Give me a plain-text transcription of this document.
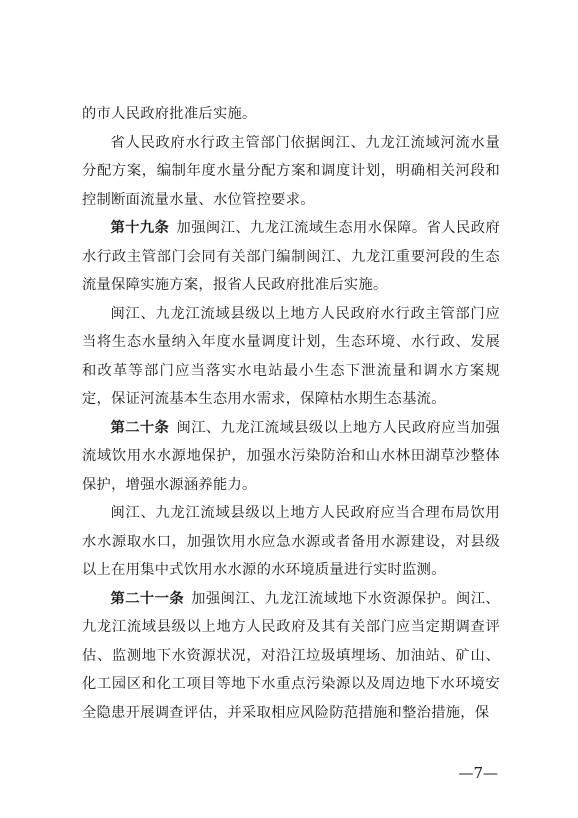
的市人民政府批准后实施。

省人民政府水行政主管部门依据闽江、九龙江流域河流水量分配方案，编制年度水量分配方案和调度计划，明确相关河段和控制断面流量水量、水位管控要求。

第十九条 加强闽江、九龙江流域生态用水保障。省人民政府水行政主管部门会同有关部门编制闽江、九龙江重要河段的生态流量保障实施方案，报省人民政府批准后实施。

闽江、九龙江流域县级以上地方人民政府水行政主管部门应当将生态水量纳入年度水量调度计划，生态环境、水行政、发展和改革等部门应当落实水电站最小生态下泄流量和调水方案规定，保证河流基本生态用水需求，保障枯水期生态基流。

第二十条 闽江、九龙江流域县级以上地方人民政府应当加强流域饮用水水源地保护，加强水污染防治和山水林田湖草沙整体保护，增强水源涵养能力。

闽江、九龙江流域县级以上地方人民政府应当合理布局饮用水水源取水口，加强饮用水应急水源或者备用水源建设，对县级以上在用集中式饮用水水源的水环境质量进行实时监测。

第二十一条 加强闽江、九龙江流域地下水资源保护。闽江、九龙江流域县级以上地方人民政府及其有关部门应当定期调查评估、监测地下水资源状况，对沿江垃圾填埋场、加油站、矿山、化工园区和化工项目等地下水重点污染源以及周边地下水环境安全隐患开展调查评估，并采取相应风险防范措施和整治措施，保

—7—
